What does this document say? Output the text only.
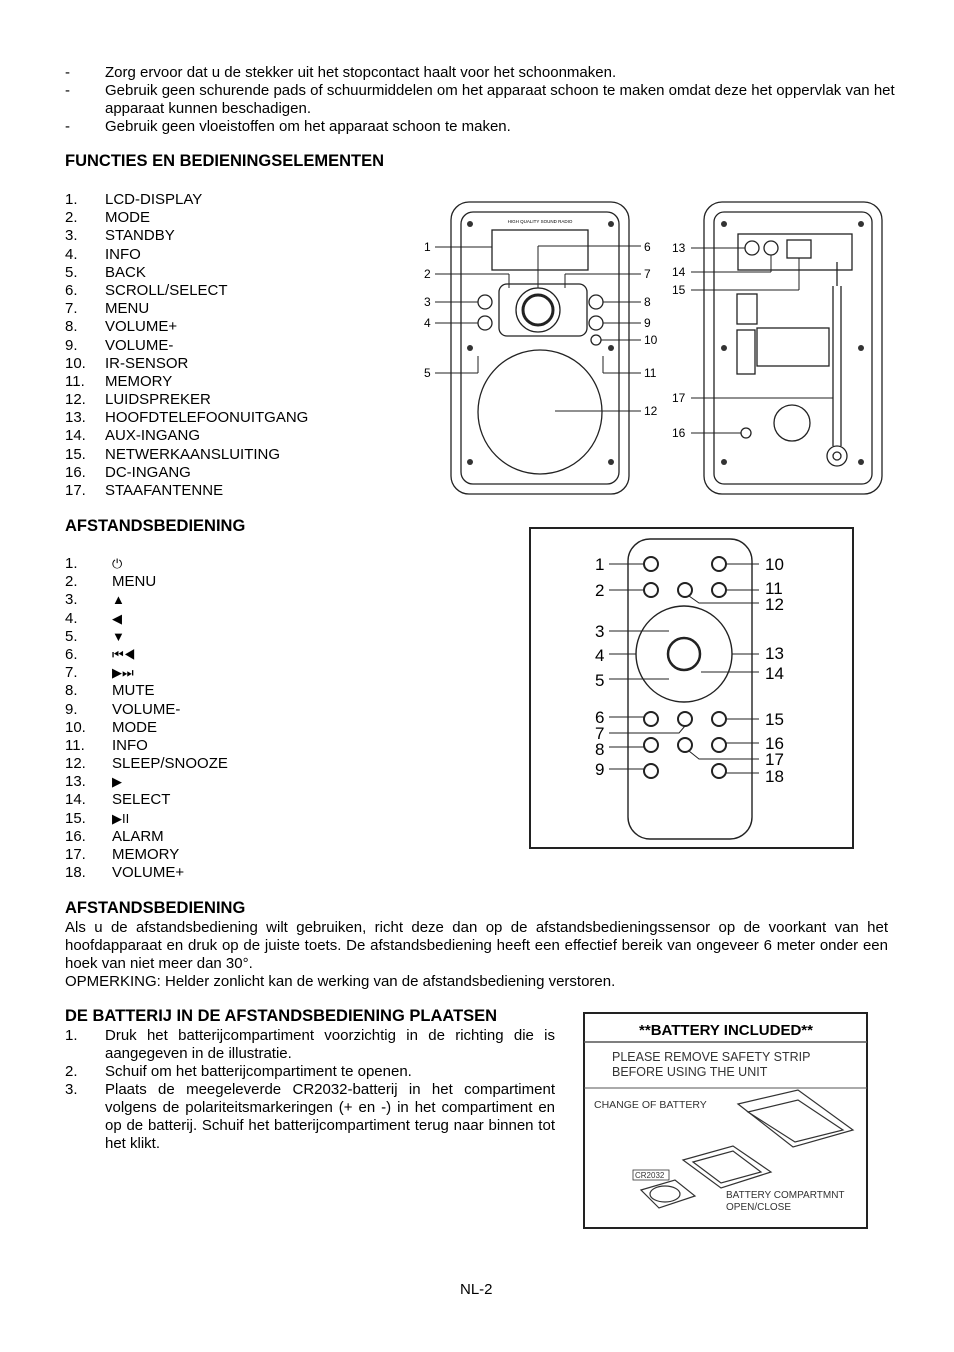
-	Zorg ervoor dat u de stekker uit het stopcontact haalt voor het schoonmaken.
-	Gebruik geen schurende pads of schuurmiddelen om het apparaat schoon te maken omdat deze het oppervlak van het apparaat kunnen beschadigen.
-	Gebruik geen vloeistoffen om het apparaat schoon te maken.
FUNCTIES EN BEDIENINGSELEMENTEN
1.	LCD-DISPLAY
2.	MODE
3.	STANDBY
4.	INFO
5.	BACK
6.	SCROLL/SELECT
7.	MENU
8.	VOLUME+
9.	VOLUME-
10.	IR-SENSOR
11.	MEMORY
12.	LUIDSPREKER
13.	HOOFDTELEFOONUITGANG
14.	AUX-INGANG
15.	NETWERKAANSLUITING
16.	DC-INGANG
17.	STAAFANTENNE
HIGH QUALITY SOUND RADIO
1
2
3
4
5
6
7
8
9
10
11
12
13
14
15
17
16
AFSTANDSBEDIENING
1.	⏻
2.	MENU
3.	▲
4.	◀
5.	▼
6.	⏮◀
7.	▶⏭
8.	MUTE
9.	VOLUME-
10.	MODE
11.	INFO
12.	SLEEP/SNOOZE
13.	▶
14.	SELECT
15.	▶II
16.	ALARM
17.	MEMORY
18.	VOLUME+
1
2
3
4
5
6
7
8
9
10
11
12
13
14
15
16
17
18
AFSTANDSBEDIENING
Als u de afstandsbediening wilt gebruiken, richt deze dan op de afstandsbedieningssensor op de voorkant van het hoofdapparaat en druk op de juiste toets. De afstandsbediening heeft een effectief bereik van ongeveer 6 meter onder een hoek van niet meer dan 30°.
OPMERKING: Helder zonlicht kan de werking van de afstandsbediening verstoren.
DE BATTERIJ IN DE AFSTANDSBEDIENING PLAATSEN
1.	Druk het batterijcompartiment voorzichtig in de richting die is aangegeven in de illustratie.
2.	Schuif om het batterijcompartiment te openen.
3.	Plaats de meegeleverde CR2032-batterij in het compartiment volgens de polariteitsmarkeringen (+ en -) in het compartiment en op de batterij. Schuif het batterijcompartiment terug naar binnen tot het klikt.
**BATTERY INCLUDED**
PLEASE REMOVE SAFETY STRIP
BEFORE USING THE UNIT
CHANGE OF BATTERY
CR2032
BATTERY COMPARTMNT
OPEN/CLOSE
NL-2
